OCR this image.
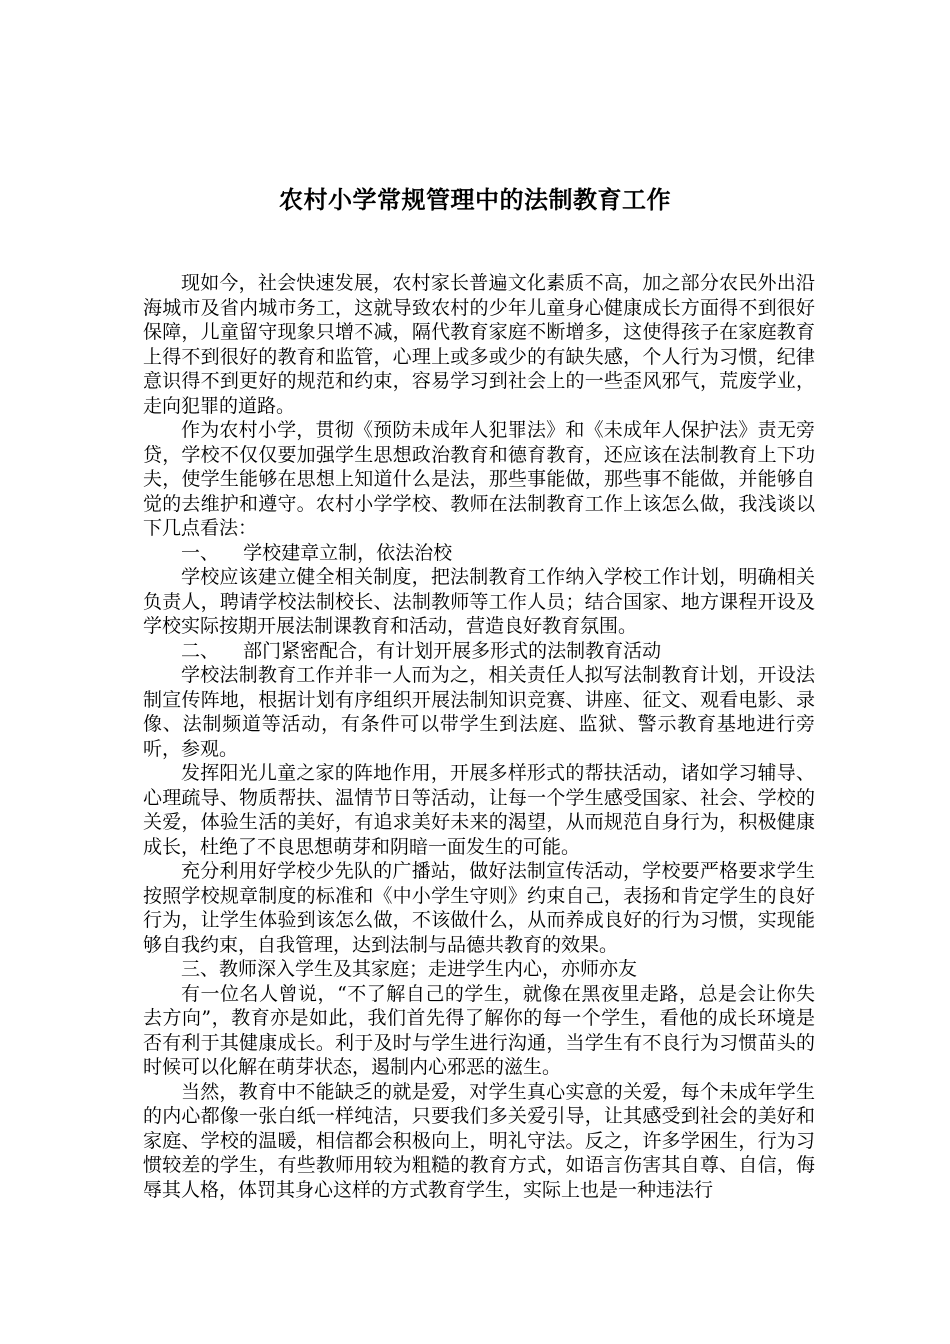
农村小学常规管理中的法制教育工作

现如今，社会快速发展，农村家长普遍文化素质不高，加之部分农民外出沿海城市及省内城市务工，这就导致农村的少年儿童身心健康成长方面得不到很好保障，儿童留守现象只增不减，隔代教育家庭不断增多，这使得孩子在家庭教育上得不到很好的教育和监管，心理上或多或少的有缺失感，个人行为习惯，纪律意识得不到更好的规范和约束，容易学习到社会上的一些歪风邪气，荒废学业，走向犯罪的道路。

作为农村小学，贯彻《预防未成年人犯罪法》和《未成年人保护法》责无旁贷，学校不仅仅要加强学生思想政治教育和德育教育，还应该在法制教育上下功夫，使学生能够在思想上知道什么是法，那些事能做，那些事不能做，并能够自觉的去维护和遵守。农村小学学校、教师在法制教育工作上该怎么做，我浅谈以下几点看法：

一、    学校建章立制，依法治校

学校应该建立健全相关制度，把法制教育工作纳入学校工作计划，明确相关负责人，聘请学校法制校长、法制教师等工作人员；结合国家、地方课程开设及学校实际按期开展法制课教育和活动，营造良好教育氛围。

二、    部门紧密配合，有计划开展多形式的法制教育活动

学校法制教育工作并非一人而为之，相关责任人拟写法制教育计划，开设法制宣传阵地，根据计划有序组织开展法制知识竞赛、讲座、征文、观看电影、录像、法制频道等活动，有条件可以带学生到法庭、监狱、警示教育基地进行旁听，参观。

发挥阳光儿童之家的阵地作用，开展多样形式的帮扶活动，诸如学习辅导、心理疏导、物质帮扶、温情节日等活动，让每一个学生感受国家、社会、学校的关爱，体验生活的美好，有追求美好未来的渴望，从而规范自身行为，积极健康成长，杜绝了不良思想萌芽和阴暗一面发生的可能。

充分利用好学校少先队的广播站，做好法制宣传活动，学校要严格要求学生按照学校规章制度的标准和《中小学生守则》约束自己，表扬和肯定学生的良好行为，让学生体验到该怎么做，不该做什么，从而养成良好的行为习惯，实现能够自我约束，自我管理，达到法制与品德共教育的效果。

三、教师深入学生及其家庭；走进学生内心，亦师亦友

有一位名人曾说，“不了解自己的学生，就像在黑夜里走路，总是会让你失去方向”，教育亦是如此，我们首先得了解你的每一个学生，看他的成长环境是否有利于其健康成长。利于及时与学生进行沟通，当学生有不良行为习惯苗头的时候可以化解在萌芽状态，遏制内心邪恶的滋生。

当然，教育中不能缺乏的就是爱，对学生真心实意的关爱，每个未成年学生的内心都像一张白纸一样纯洁，只要我们多关爱引导，让其感受到社会的美好和家庭、学校的温暖，相信都会积极向上，明礼守法。反之，许多学困生，行为习惯较差的学生，有些教师用较为粗糙的教育方式，如语言伤害其自尊、自信，侮辱其人格，体罚其身心这样的方式教育学生，实际上也是一种违法行
